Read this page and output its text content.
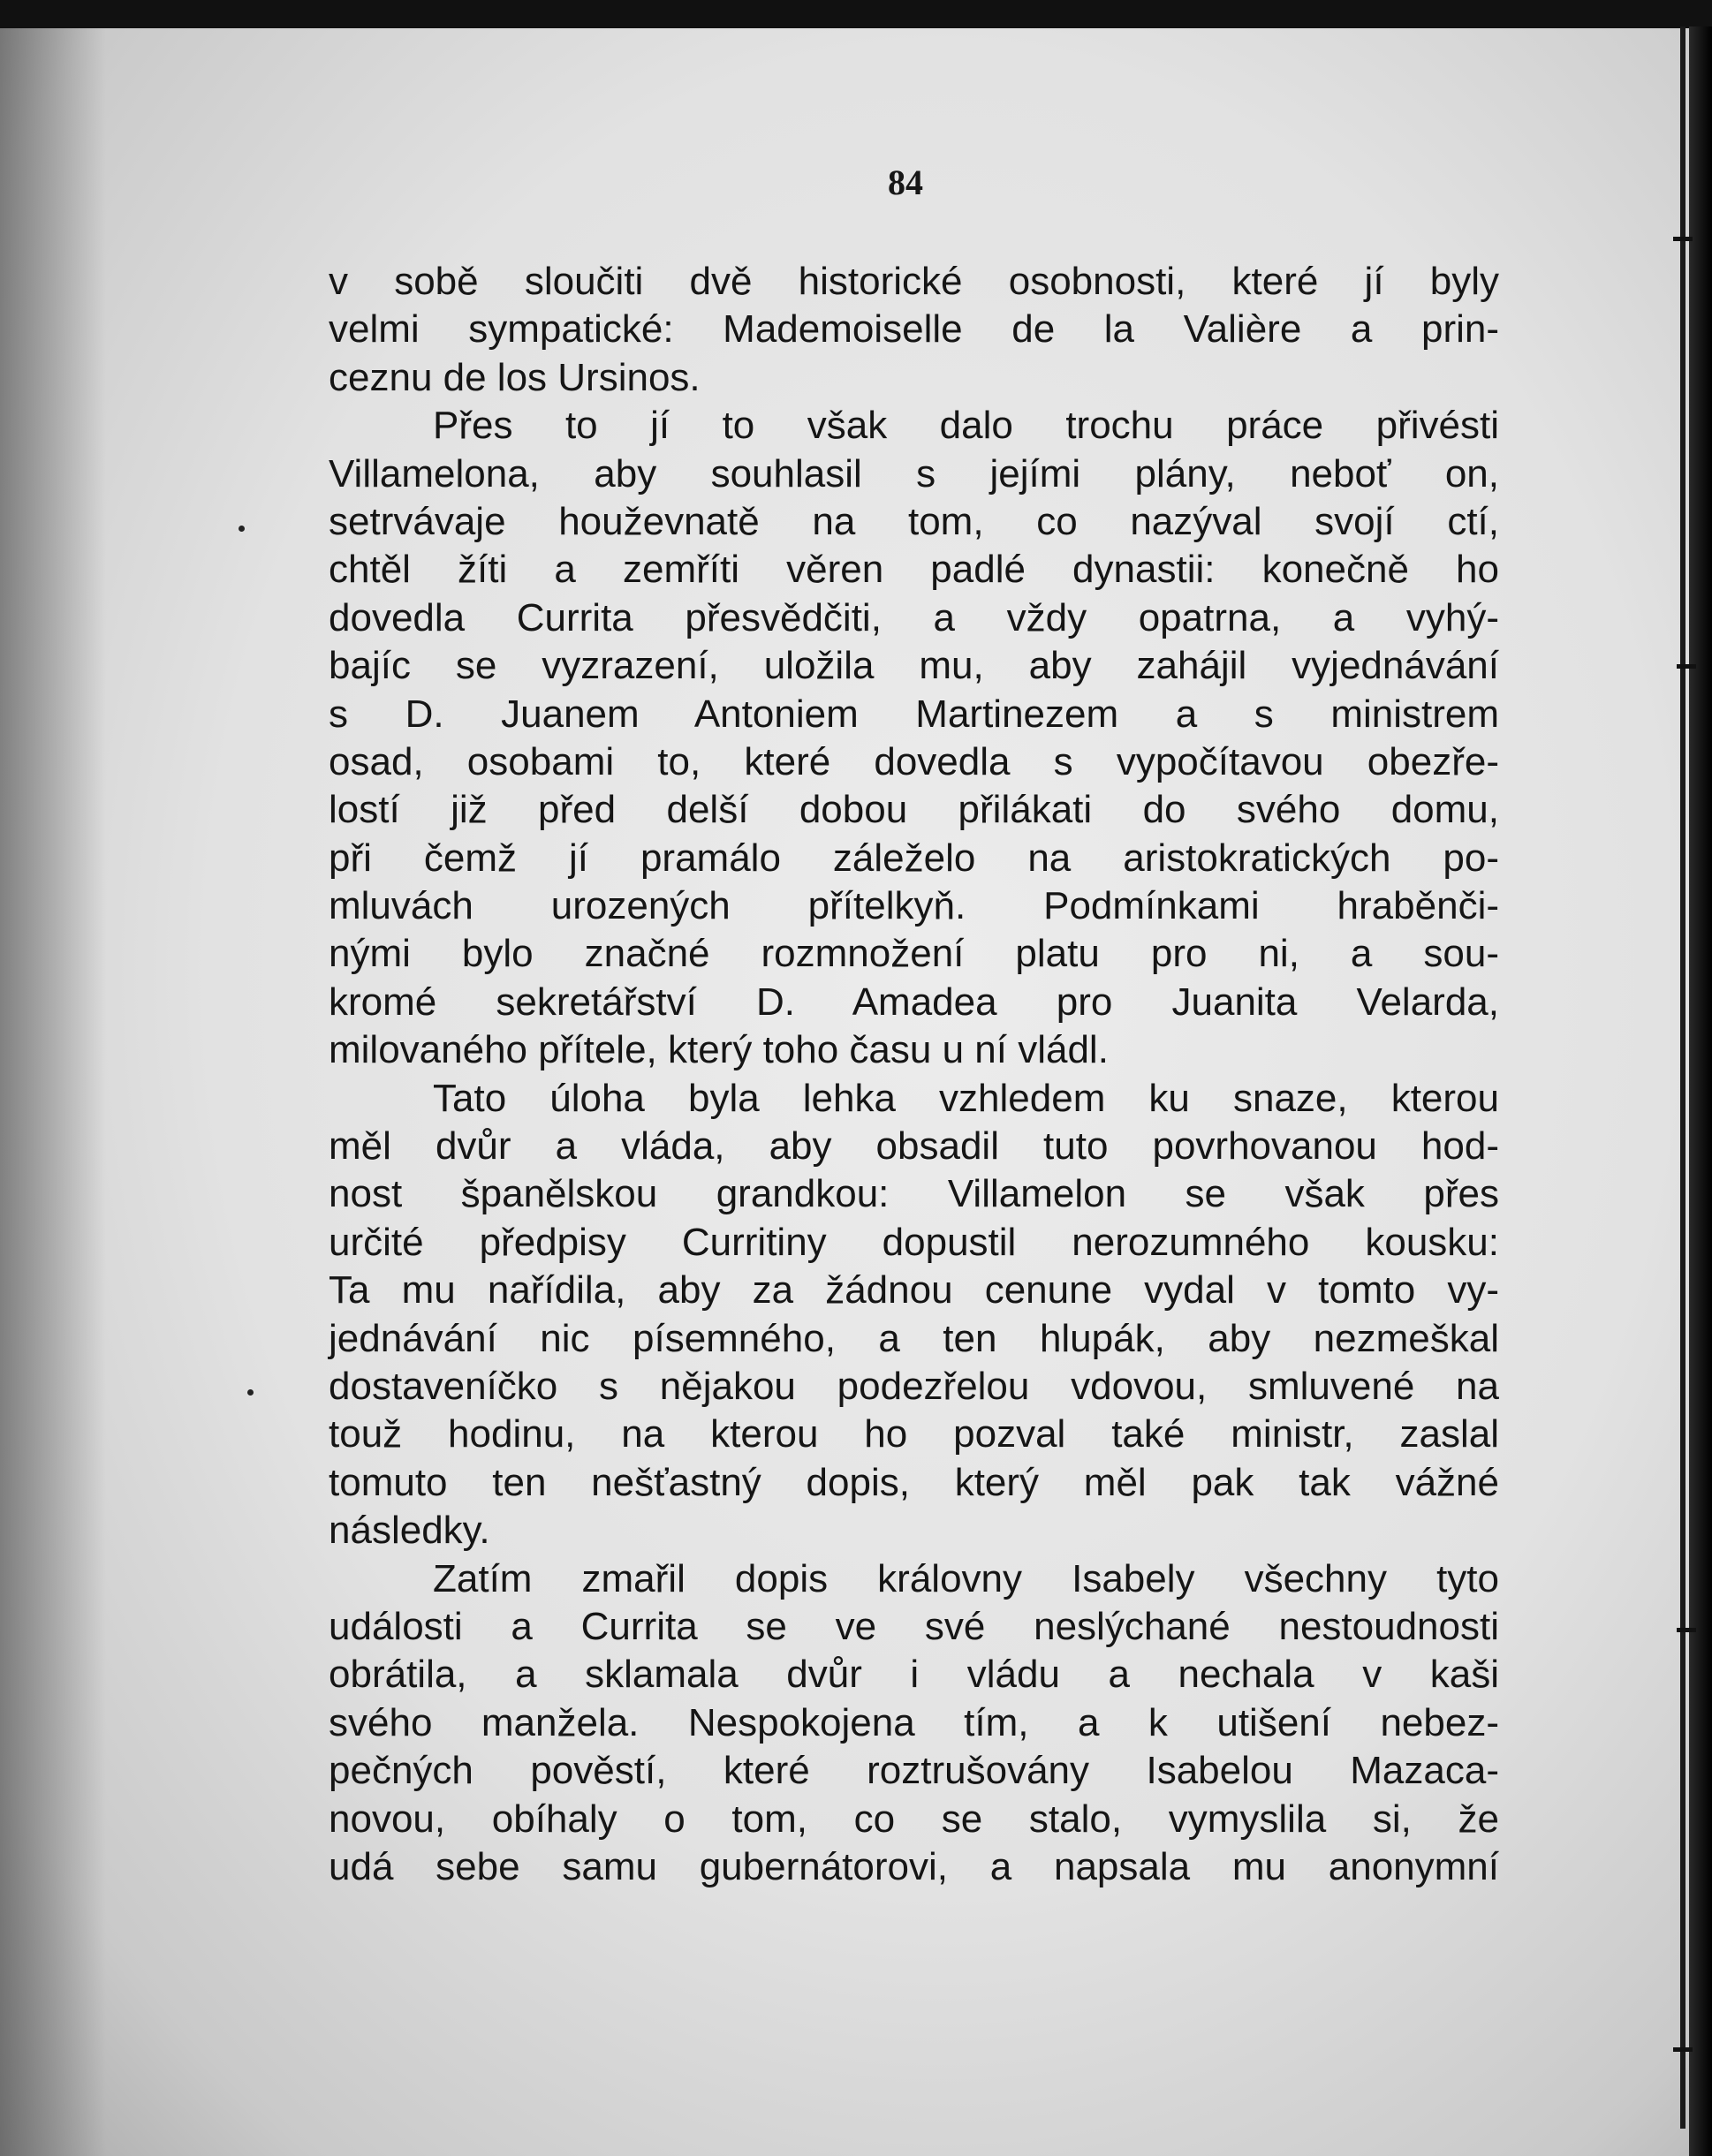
84
v sobě sloučiti dvě historické osobnosti, které jí byly
velmi sympatické: Mademoiselle de la Valière a prin-
ceznu de los Ursinos.
Přes to jí to však dalo trochu práce přivésti
Villamelona, aby souhlasil s jejími plány, neboť on,
setrvávaje houževnatě na tom, co nazýval svojí ctí,
chtěl žíti a zemříti věren padlé dynastii: konečně ho
dovedla Currita přesvědčiti, a vždy opatrna, a vyhý-
bajíc se vyzrazení, uložila mu, aby zahájil vyjednávání
s D. Juanem Antoniem Martinezem a s ministrem
osad, osobami to, které dovedla s vypočítavou obezře-
lostí již před delší dobou přilákati do svého domu,
při čemž jí pramálo záleželo na aristokratických po-
mluvách urozených přítelkyň. Podmínkami hraběnči-
nými bylo značné rozmnožení platu pro ni, a sou-
kromé sekretářství D. Amadea pro Juanita Velarda,
milovaného přítele, který toho času u ní vládl.
Tato úloha byla lehka vzhledem ku snaze, kterou
měl dvůr a vláda, aby obsadil tuto povrhovanou hod-
nost španělskou grandkou: Villamelon se však přes
určité předpisy Curritiny dopustil nerozumného kousku:
Ta mu nařídila, aby za žádnou cenune vydal v tomto vy-
jednávání nic písemného, a ten hlupák, aby nezmeškal
dostaveníčko s nějakou podezřelou vdovou, smluvené na
touž hodinu, na kterou ho pozval také ministr, zaslal
tomuto ten nešťastný dopis, který měl pak tak vážné
následky.
Zatím zmařil dopis královny Isabely všechny tyto
události a Currita se ve své neslýchané nestoudnosti
obrátila, a sklamala dvůr i vládu a nechala v kaši
svého manžela. Nespokojena tím, a k utišení nebez-
pečných pověstí, které roztrušovány Isabelou Mazaca-
novou, obíhaly o tom, co se stalo, vymyslila si, že
udá sebe samu gubernátorovi, a napsala mu anonymní
